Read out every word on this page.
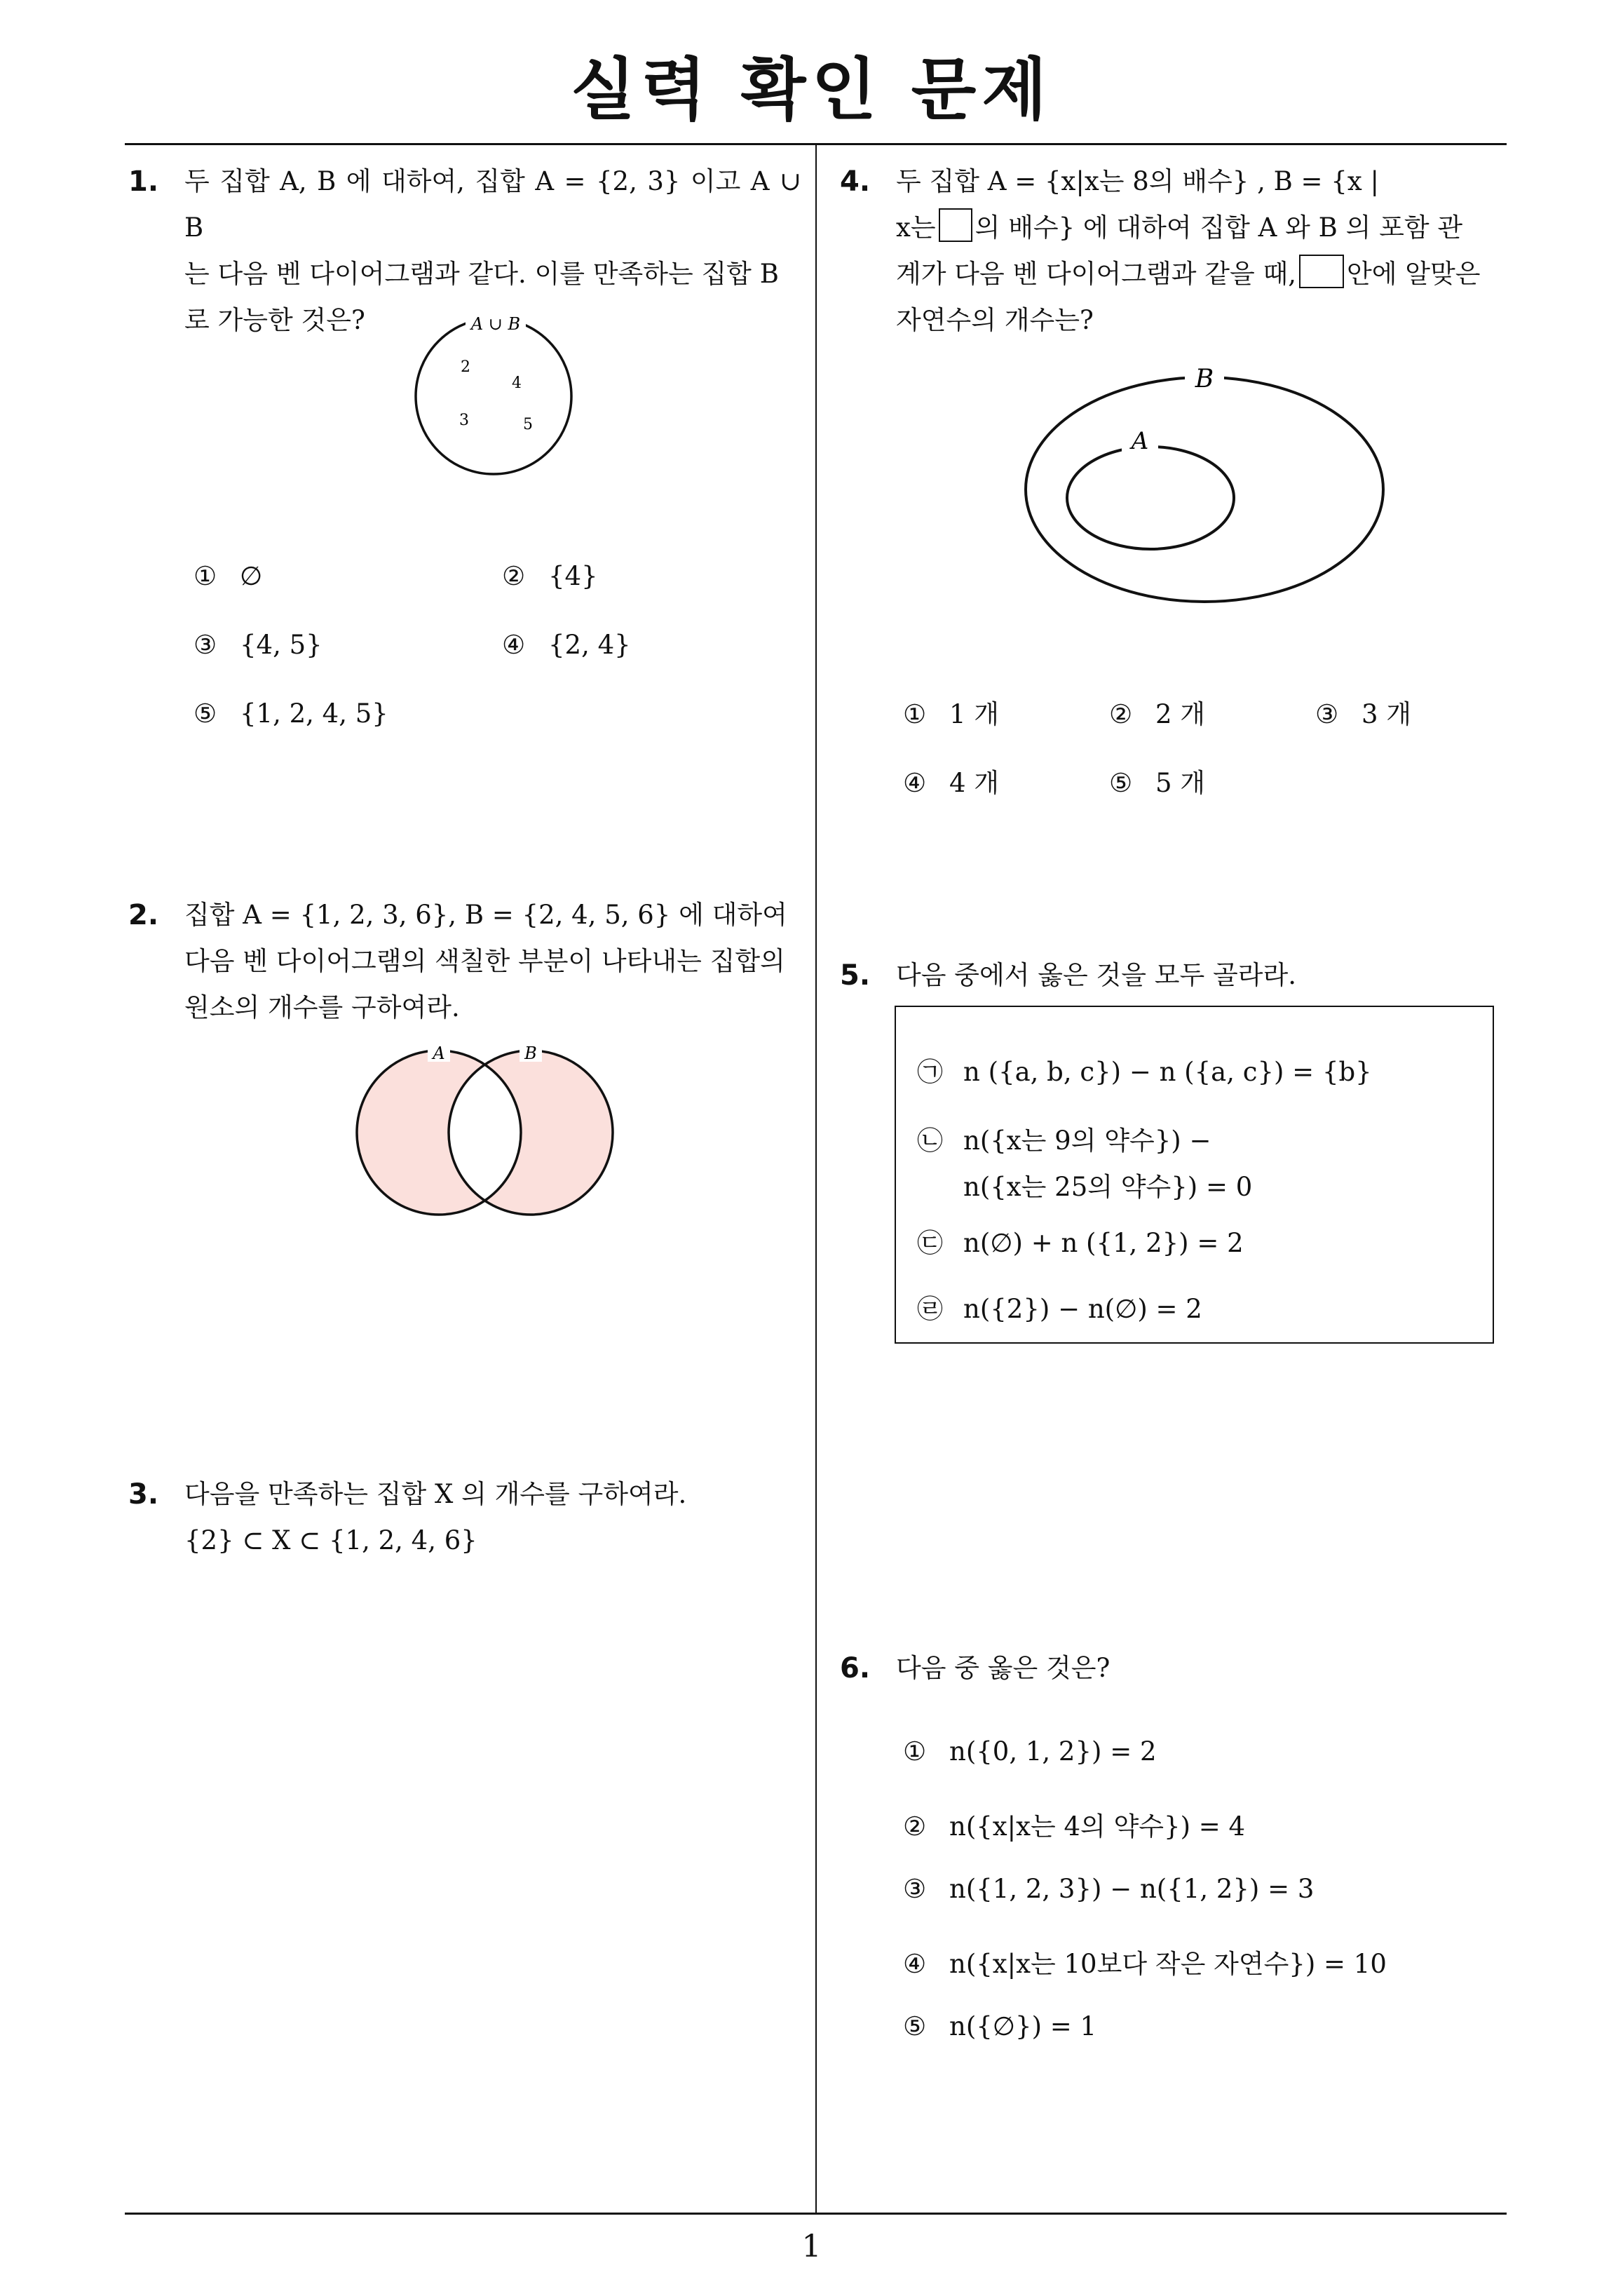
실력 확인 문제
1. 두 집합 A, B 에 대하여, 집합 A = {2, 3} 이고 A ∪ B

는 다음 벤 다이어그램과 같다. 이를 만족하는 집합 B

로 가능한 것은?	A ∪ B
2
4
3	5
① ∅	② {4}
③ {4, 5}	④ {2, 4}
⑤ {1, 2, 4, 5}
2. 집합 A = {1, 2, 3, 6}, B = {2, 4, 5, 6} 에 대하여

다음 벤 다이어그램의 색칠한 부분이 나타내는 집합의

원소의 개수를 구하여라.

A	B
3. 다음을 만족하는 집합 X 의 개수를 구하여라.

{2} ⊂ X ⊂ {1, 2, 4, 6}

4. 두 집합 A = {x|x는 8의 배수} , B = {x |

x는 의 배수} 에 대하여 집합 A 와 B 의 포함 관

계가 다음 벤 다이어그램과 같을 때, 안에 알맞은

자연수의 개수는?

B
A
① 1 개	② 2 개	③ 3 개
④ 4 개	⑤ 5 개
5. 다음 중에서 옳은 것을 모두 골라라.

㉠ n ({a, b, c}) − n ({a, c}) = {b}
㉡ n({x는 9의 약수}) −
n({x는 25의 약수}) = 0
㉢ n(∅) + n ({1, 2}) = 2
㉣ n({2}) − n(∅) = 2
6. 다음 중 옳은 것은?

① n({0, 1, 2}) = 2
② n({x|x는 4의 약수}) = 4
③ n({1, 2, 3}) − n({1, 2}) = 3
④ n({x|x는 10보다 작은 자연수}) = 10
⑤ n({∅}) = 1
1
